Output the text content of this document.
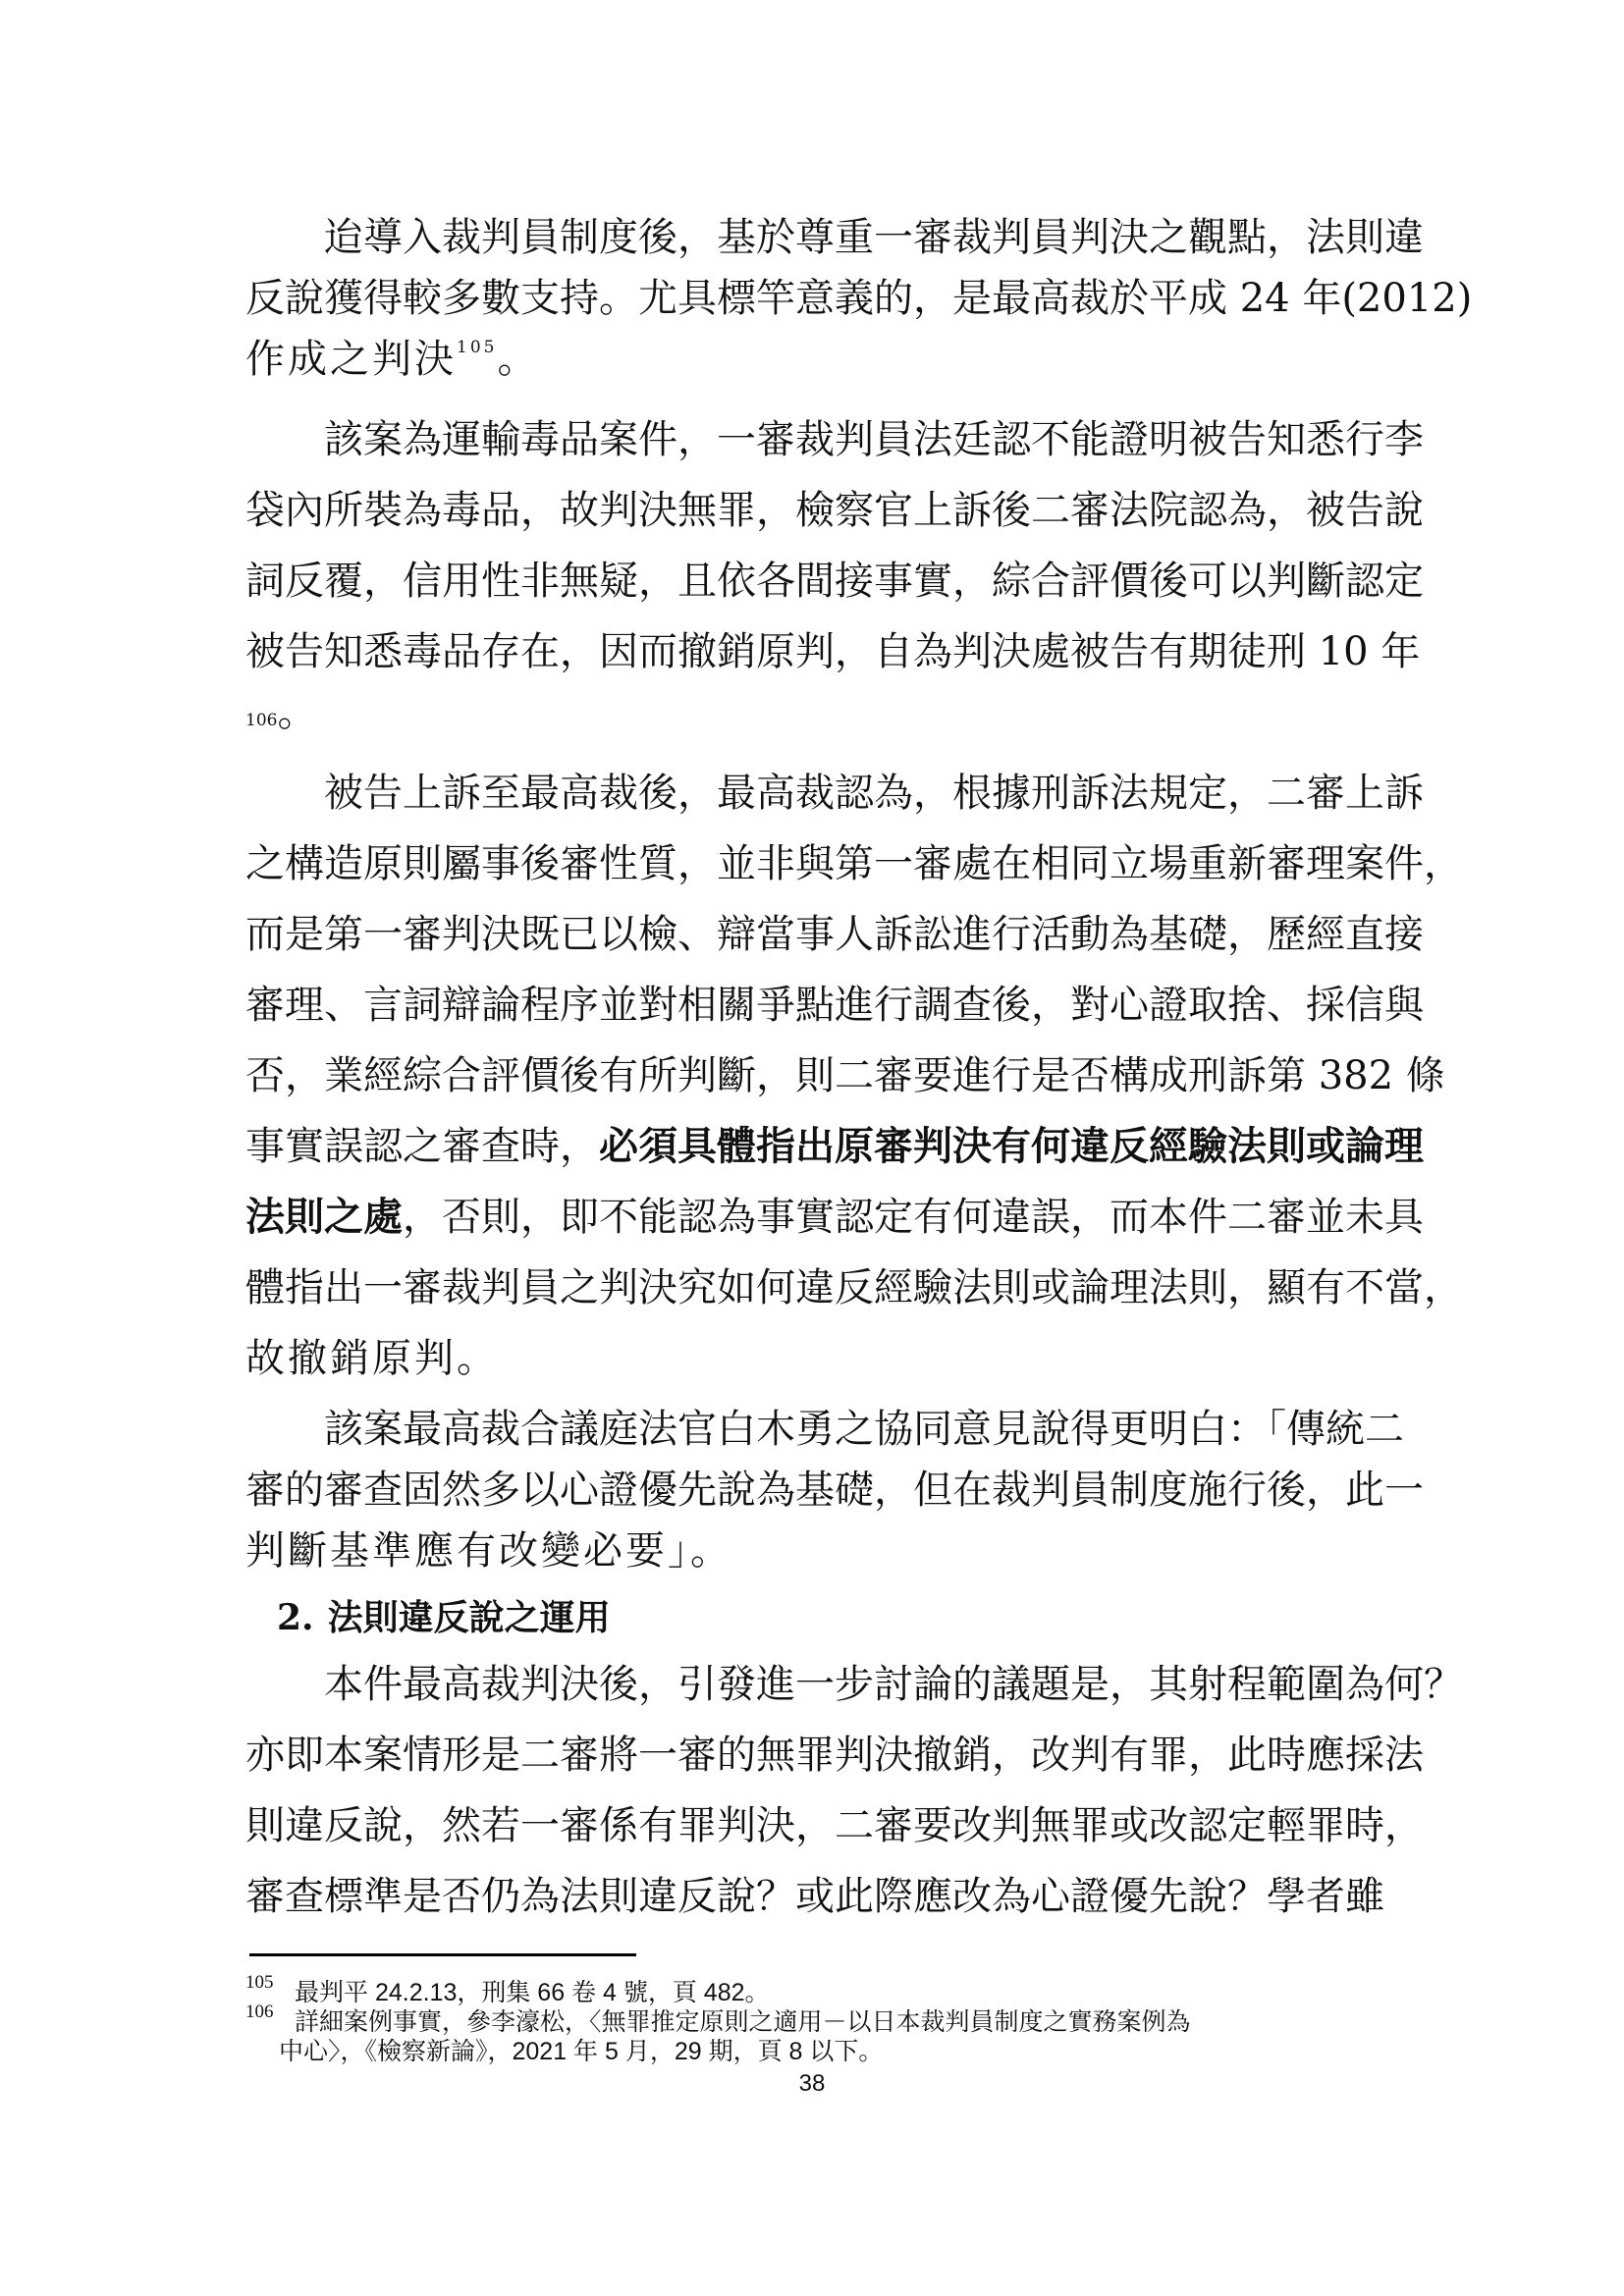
迨導入裁判員制度後，基於尊重一審裁判員判決之觀點，法則違
反說獲得較多數支持。尤具標竿意義的，是最高裁於平成 24 年(2012)
作成之判決$^{105}$。
該案為運輸毒品案件，一審裁判員法廷認不能證明被告知悉行李
袋內所裝為毒品，故判決無罪，檢察官上訴後二審法院認為，被告說
詞反覆，信用性非無疑，且依各間接事實，綜合評價後可以判斷認定
被告知悉毒品存在，因而撤銷原判，自為判決處被告有期徒刑 10 年
106。
被告上訴至最高裁後，最高裁認為，根據刑訴法規定，二審上訴
之構造原則屬事後審性質，並非與第一審處在相同立場重新審理案件，
而是第一審判決既已以檢、辯當事人訴訟進行活動為基礎，歷經直接
審理、言詞辯論程序並對相關爭點進行調查後，對心證取捨、採信與
否，業經綜合評價後有所判斷，則二審要進行是否構成刑訴第 382 條
事實誤認之審查時，必須具體指出原審判決有何違反經驗法則或論理
法則之處，否則，即不能認為事實認定有何違誤，而本件二審並未具
體指出一審裁判員之判決究如何違反經驗法則或論理法則，顯有不當，
故撤銷原判。
該案最高裁合議庭法官白木勇之協同意見說得更明白：「傳統二
審的審查固然多以心證優先說為基礎，但在裁判員制度施行後，此一
判斷基準應有改變必要」。
2. 法則違反說之運用
本件最高裁判決後，引發進一步討論的議題是，其射程範圍為何？
亦即本案情形是二審將一審的無罪判決撤銷，改判有罪，此時應採法
則違反說，然若一審係有罪判決，二審要改判無罪或改認定輕罪時，
審查標準是否仍為法則違反說？或此際應改為心證優先說？學者雖
105 最判平 24.2.13，刑集 66 卷 4 號，頁 482。
106 詳細案例事實，參李濠松，〈無罪推定原則之適用－以日本裁判員制度之實務案例為
中心〉，《檢察新論》，2021 年 5 月，29 期，頁 8 以下。
38
